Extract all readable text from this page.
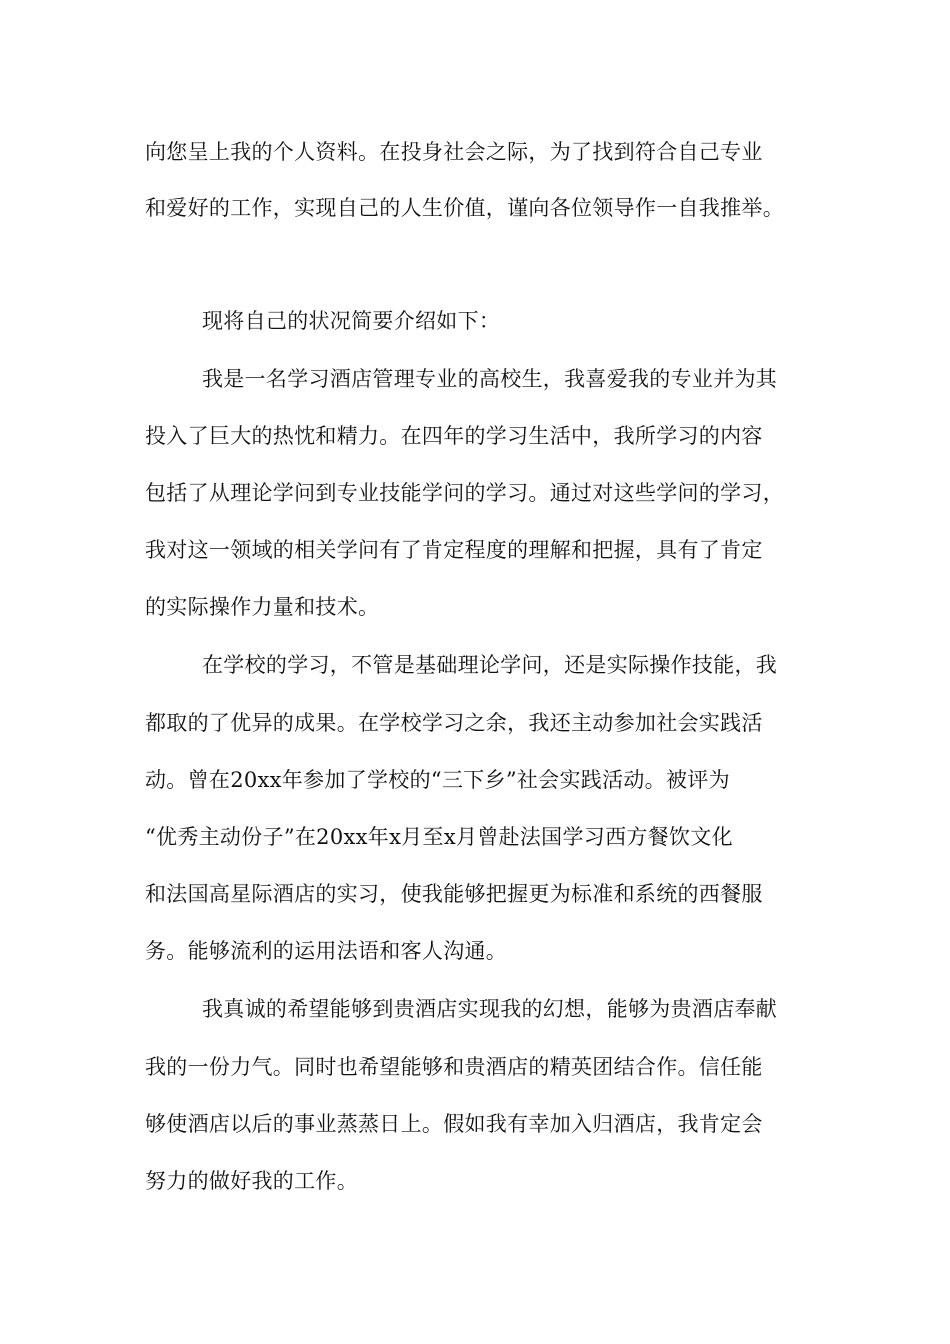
向您呈上我的个人资料。在投身社会之际，为了找到符合自己专业
和爱好的工作，实现自己的人生价值，谨向各位领导作一自我推举。
现将自己的状况简要介绍如下：
我是一名学习酒店管理专业的高校生，我喜爱我的专业并为其
投入了巨大的热忱和精力。在四年的学习生活中，我所学习的内容
包括了从理论学问到专业技能学问的学习。通过对这些学问的学习，
我对这一领域的相关学问有了肯定程度的理解和把握，具有了肯定
的实际操作力量和技术。
在学校的学习，不管是基础理论学问，还是实际操作技能，我
都取的了优异的成果。在学校学习之余，我还主动参加社会实践活
动。曾在20xx年参加了学校的“三下乡”社会实践活动。被评为
“优秀主动份子”在20xx年x月至x月曾赴法国学习西方餐饮文化
和法国高星际酒店的实习，使我能够把握更为标准和系统的西餐服
务。能够流利的运用法语和客人沟通。
我真诚的希望能够到贵酒店实现我的幻想，能够为贵酒店奉献
我的一份力气。同时也希望能够和贵酒店的精英团结合作。信任能
够使酒店以后的事业蒸蒸日上。假如我有幸加入归酒店，我肯定会
努力的做好我的工作。
